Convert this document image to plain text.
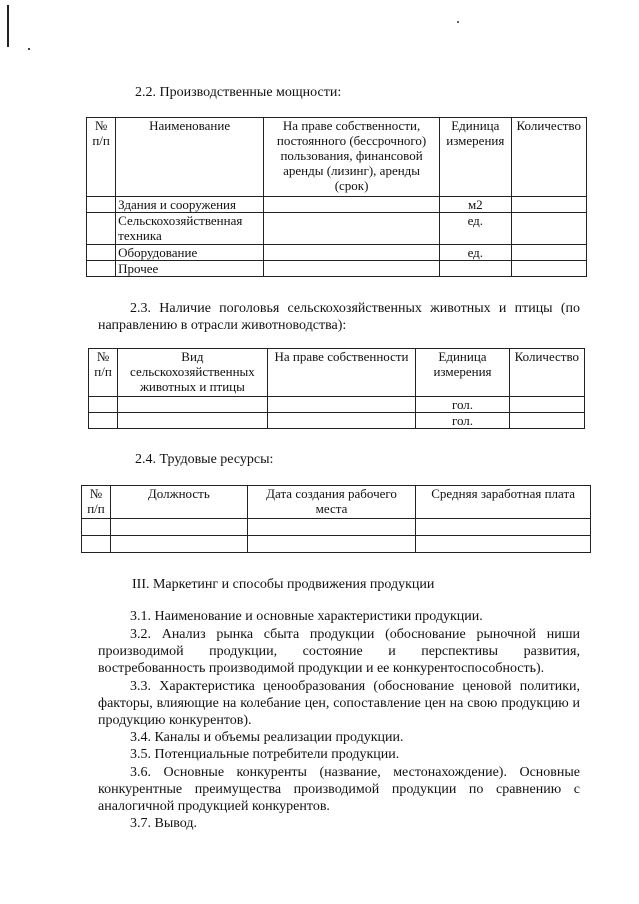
2.2. Производственные мощности:
№ п/п	Наименование	На праве собственности, постоянного (бессрочного) пользования, финансовой аренды (лизинг), аренды (срок)	Единица измерения	Количество
	Здания и сооружения		м2	
	Сельскохозяйственная техника		ед.	
	Оборудование		ед.	
	Прочее			
2.3. Наличие поголовья сельскохозяйственных животных и птицы (по направлению в отрасли животноводства):
№ п/п	Вид сельскохозяйственных животных и птицы	На праве собственности	Единица измерения	Количество
			гол.	
			гол.	
2.4. Трудовые ресурсы:
№ п/п	Должность	Дата создания рабочего места	Средняя заработная плата

III. Маркетинг и способы продвижения продукции
3.1. Наименование и основные характеристики продукции.
3.2. Анализ рынка сбыта продукции (обоснование рыночной ниши производимой продукции, состояние и перспективы развития, востребованность производимой продукции и ее конкурентоспособность).
3.3. Характеристика ценообразования (обоснование ценовой политики, факторы, влияющие на колебание цен, сопоставление цен на свою продукцию и продукцию конкурентов).
3.4. Каналы и объемы реализации продукции.
3.5. Потенциальные потребители продукции.
3.6. Основные конкуренты (название, местонахождение). Основные конкурентные преимущества производимой продукции по сравнению с аналогичной продукцией конкурентов.
3.7. Вывод.
